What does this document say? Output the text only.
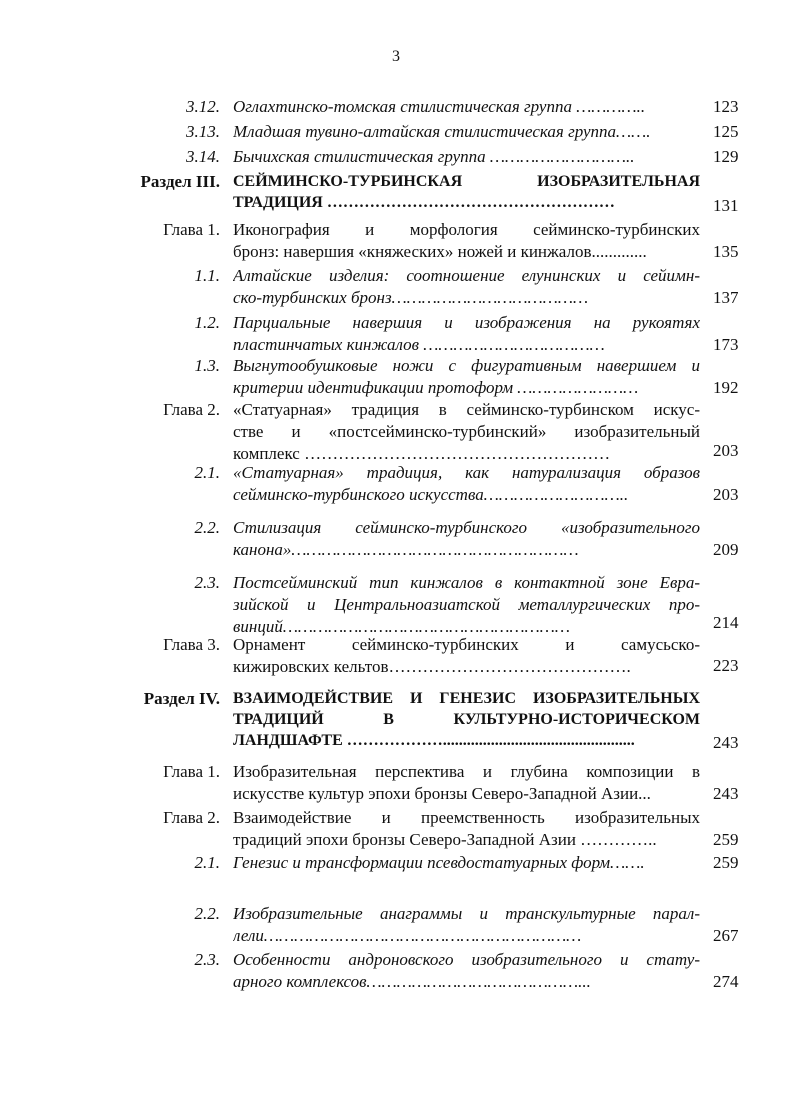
3
3.12. Оглахтинско-томская стилистическая группа …………..	123
3.13. Младшая тувино-алтайская стилистическая группа…….	125
3.14. Бычихская стилистическая группа ………………………..	129
Раздел III. СЕЙМИНСКО-ТУРБИНСКАЯ ИЗОБРАЗИТЕЛЬНАЯ
ТРАДИЦИЯ ………………………………………………	131
Глава 1. Иконография и морфология сейминско-турбинских
бронз: навершия «княжеских» ножей и кинжалов.............	135
1.1. Алтайские изделия: соотношение елунинских и сейимн-
ско-турбинских бронз…………………………………	137
1.2. Парциальные навершия и изображения на рукоятях
пластинчатых кинжалов ………………………………	173
1.3. Выгнутообушковые ножи с фигуративным навершием и
критерии идентификации протоформ ……………………	192
Глава 2. «Статуарная» традиция в сейминско-турбинском искус-
стве и «постсейминско-турбинский» изобразительный
комплекс ………………………………………………	203
2.1. «Статуарная» традиция, как натурализация образов
сейминско-турбинского искусства………………………..	203
2.2. Стилизация сейминско-турбинского «изобразительного
канона»…………………………………………………	209
2.3. Постсейминский тип кинжалов в контактной зоне Евра-
зийской и Центральноазиатской металлургических про-
винций…………………………………………………	214
Глава 3. Орнамент сейминско-турбинских и самусьско-
кижировских кельтов…………………………………….	223
Раздел IV. ВЗАИМОДЕЙСТВИЕ И ГЕНЕЗИС ИЗОБРАЗИТЕЛЬНЫХ
ТРАДИЦИЙ В КУЛЬТУРНО-ИСТОРИЧЕСКОМ
ЛАНДШАФТЕ ………………................................................	243
Глава 1. Изобразительная перспектива и глубина композиции в
искусстве культур эпохи бронзы Северо-Западной Азии...	243
Глава 2. Взаимодействие и преемственность изобразительных
традиций эпохи бронзы Северо-Западной Азии …………..	259
2.1. Генезис и трансформации псевдостатуарных форм…….	259
2.2. Изобразительные анаграммы и транскультурные парал-
лели………………………………………………………	267
2.3. Особенности андроновского изобразительного и стату-
арного комплексов……………………………………...	274
